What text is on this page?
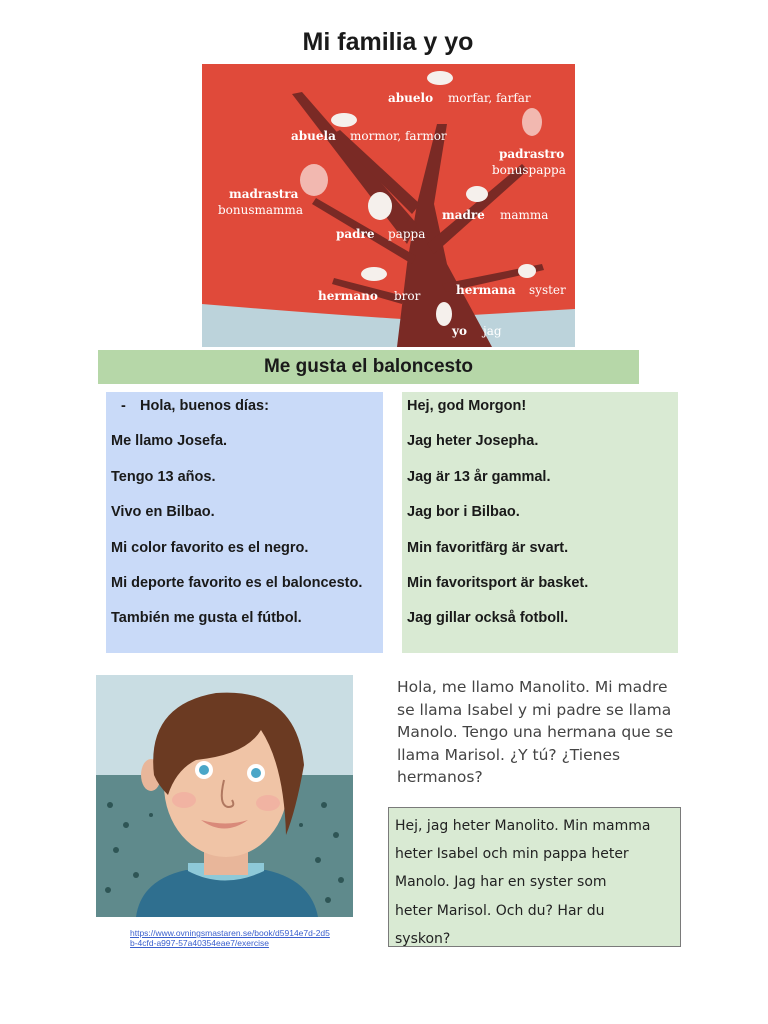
Mi familia y yo
abuelo morfar, farfar
abuela mormor, farmor
padrastro
bonuspappa
madrastra
bonusmamma	madre mamma
padre pappa
hermano bror	hermana syster
yo jag
Me gusta el baloncesto
- Hola, buenos días:
Me llamo Josefa.
Tengo 13 años.
Vivo en Bilbao.
Mi color favorito es el negro.
Mi deporte favorito es el baloncesto.
También me gusta el fútbol.
Hej, god Morgon!
Jag heter Josepha.
Jag är 13 år gammal.
Jag bor i Bilbao.
Min favoritfärg är svart.
Min favoritsport är basket.
Jag gillar också fotboll.
Hola, me llamo Manolito. Mi madre se llama Isabel y mi padre se llama Manolo. Tengo una hermana que se llama Marisol. ¿Y tú? ¿Tienes hermanos?
Hej, jag heter Manolito. Min mamma
heter Isabel och min pappa heter
Manolo. Jag har en syster som
heter Marisol. Och du? Har du
syskon?
https://www.ovningsmastaren.se/book/d5914e7d-2d5b-4cfd-a997-57a40354eae7/exercise
